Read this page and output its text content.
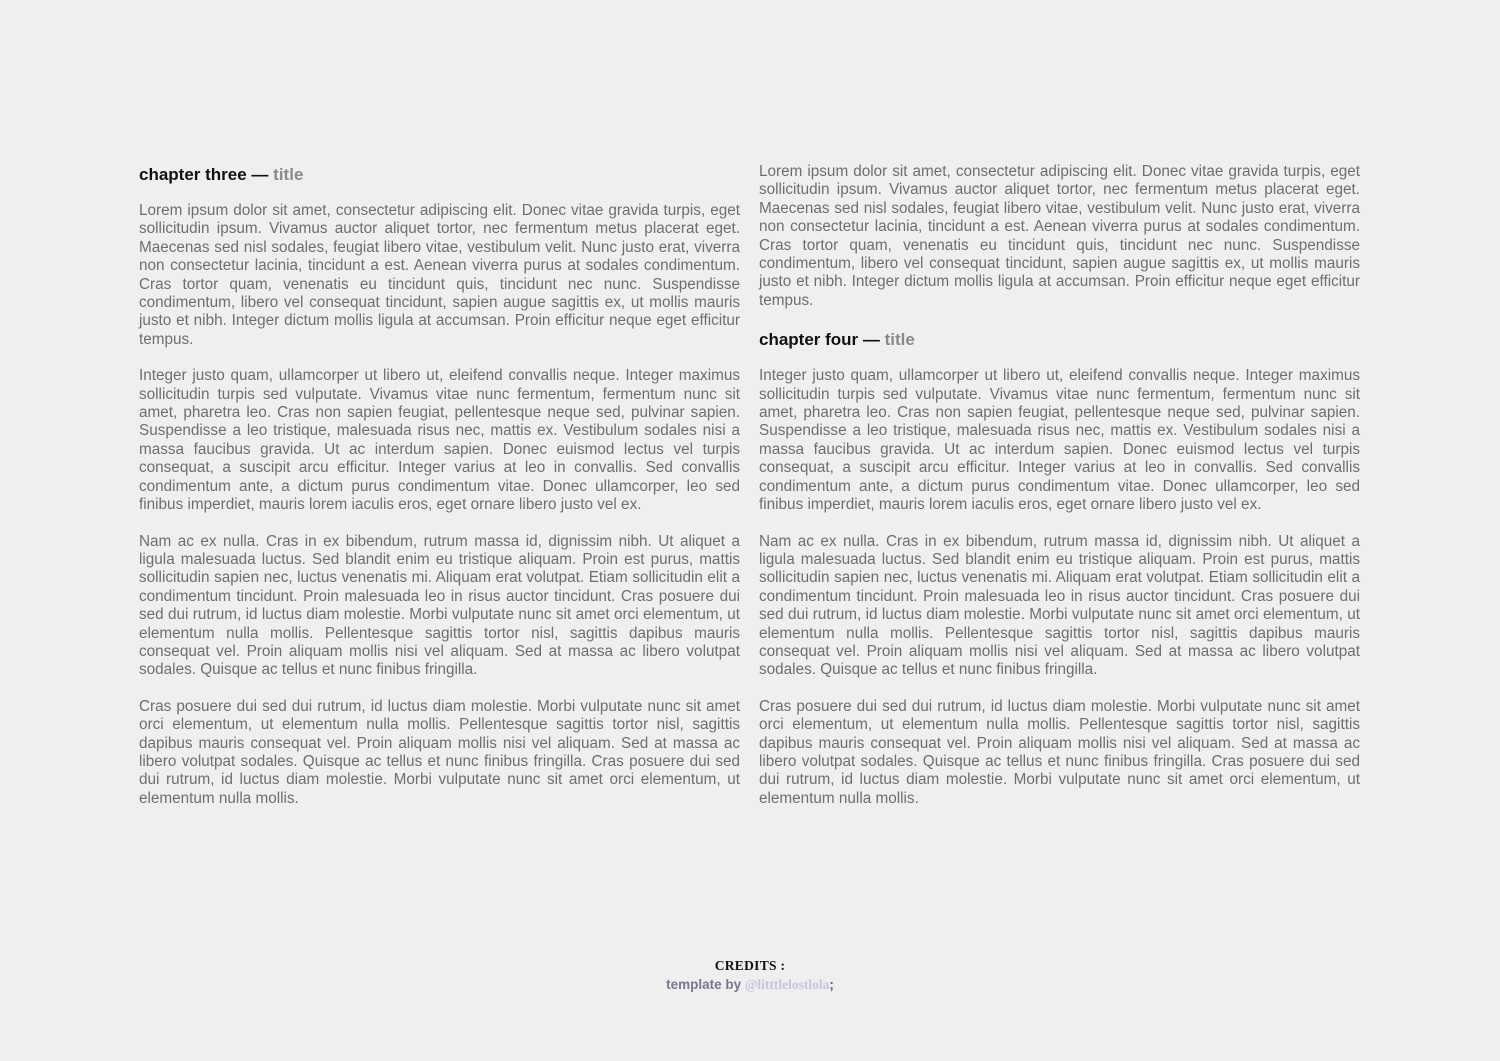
chapter three — title

Lorem ipsum dolor sit amet, consectetur adipiscing elit. Donec vitae gravida turpis, eget sollicitudin ipsum. Vivamus auctor aliquet tortor, nec fermentum metus placerat eget. Maecenas sed nisl sodales, feugiat libero vitae, vestibulum velit. Nunc justo erat, viverra non consectetur lacinia, tincidunt a est. Aenean viverra purus at sodales condimentum. Cras tortor quam, venenatis eu tincidunt quis, tincidunt nec nunc. Suspendisse condimentum, libero vel consequat tincidunt, sapien augue sagittis ex, ut mollis mauris justo et nibh. Integer dictum mollis ligula at accumsan. Proin efficitur neque eget efficitur tempus.

Integer justo quam, ullamcorper ut libero ut, eleifend convallis neque. Integer maximus sollicitudin turpis sed vulputate. Vivamus vitae nunc fermentum, fermentum nunc sit amet, pharetra leo. Cras non sapien feugiat, pellentesque neque sed, pulvinar sapien. Suspendisse a leo tristique, malesuada risus nec, mattis ex. Vestibulum sodales nisi a massa faucibus gravida. Ut ac interdum sapien. Donec euismod lectus vel turpis consequat, a suscipit arcu efficitur. Integer varius at leo in convallis. Sed convallis condimentum ante, a dictum purus condimentum vitae. Donec ullamcorper, leo sed finibus imperdiet, mauris lorem iaculis eros, eget ornare libero justo vel ex.

Nam ac ex nulla. Cras in ex bibendum, rutrum massa id, dignissim nibh. Ut aliquet a ligula malesuada luctus. Sed blandit enim eu tristique aliquam. Proin est purus, mattis sollicitudin sapien nec, luctus venenatis mi. Aliquam erat volutpat. Etiam sollicitudin elit a condimentum tincidunt. Proin malesuada leo in risus auctor tincidunt. Cras posuere dui sed dui rutrum, id luctus diam molestie. Morbi vulputate nunc sit amet orci elementum, ut elementum nulla mollis. Pellentesque sagittis tortor nisl, sagittis dapibus mauris consequat vel. Proin aliquam mollis nisi vel aliquam. Sed at massa ac libero volutpat sodales. Quisque ac tellus et nunc finibus fringilla.

Cras posuere dui sed dui rutrum, id luctus diam molestie. Morbi vulputate nunc sit amet orci elementum, ut elementum nulla mollis. Pellentesque sagittis tortor nisl, sagittis dapibus mauris consequat vel. Proin aliquam mollis nisi vel aliquam. Sed at massa ac libero volutpat sodales. Quisque ac tellus et nunc finibus fringilla. Cras posuere dui sed dui rutrum, id luctus diam molestie. Morbi vulputate nunc sit amet orci elementum, ut elementum nulla mollis.

Lorem ipsum dolor sit amet, consectetur adipiscing elit. Donec vitae gravida turpis, eget sollicitudin ipsum. Vivamus auctor aliquet tortor, nec fermentum metus placerat eget. Maecenas sed nisl sodales, feugiat libero vitae, vestibulum velit. Nunc justo erat, viverra non consectetur lacinia, tincidunt a est. Aenean viverra purus at sodales condimentum. Cras tortor quam, venenatis eu tincidunt quis, tincidunt nec nunc. Suspendisse condimentum, libero vel consequat tincidunt, sapien augue sagittis ex, ut mollis mauris justo et nibh. Integer dictum mollis ligula at accumsan. Proin efficitur neque eget efficitur tempus.

chapter four — title

Integer justo quam, ullamcorper ut libero ut, eleifend convallis neque. Integer maximus sollicitudin turpis sed vulputate. Vivamus vitae nunc fermentum, fermentum nunc sit amet, pharetra leo. Cras non sapien feugiat, pellentesque neque sed, pulvinar sapien. Suspendisse a leo tristique, malesuada risus nec, mattis ex. Vestibulum sodales nisi a massa faucibus gravida. Ut ac interdum sapien. Donec euismod lectus vel turpis consequat, a suscipit arcu efficitur. Integer varius at leo in convallis. Sed convallis condimentum ante, a dictum purus condimentum vitae. Donec ullamcorper, leo sed finibus imperdiet, mauris lorem iaculis eros, eget ornare libero justo vel ex.

Nam ac ex nulla. Cras in ex bibendum, rutrum massa id, dignissim nibh. Ut aliquet a ligula malesuada luctus. Sed blandit enim eu tristique aliquam. Proin est purus, mattis sollicitudin sapien nec, luctus venenatis mi. Aliquam erat volutpat. Etiam sollicitudin elit a condimentum tincidunt. Proin malesuada leo in risus auctor tincidunt. Cras posuere dui sed dui rutrum, id luctus diam molestie. Morbi vulputate nunc sit amet orci elementum, ut elementum nulla mollis. Pellentesque sagittis tortor nisl, sagittis dapibus mauris consequat vel. Proin aliquam mollis nisi vel aliquam. Sed at massa ac libero volutpat sodales. Quisque ac tellus et nunc finibus fringilla.

Cras posuere dui sed dui rutrum, id luctus diam molestie. Morbi vulputate nunc sit amet orci elementum, ut elementum nulla mollis. Pellentesque sagittis tortor nisl, sagittis dapibus mauris consequat vel. Proin aliquam mollis nisi vel aliquam. Sed at massa ac libero volutpat sodales. Quisque ac tellus et nunc finibus fringilla. Cras posuere dui sed dui rutrum, id luctus diam molestie. Morbi vulputate nunc sit amet orci elementum, ut elementum nulla mollis.

CREDITS :
template by @litttlelostlola;
